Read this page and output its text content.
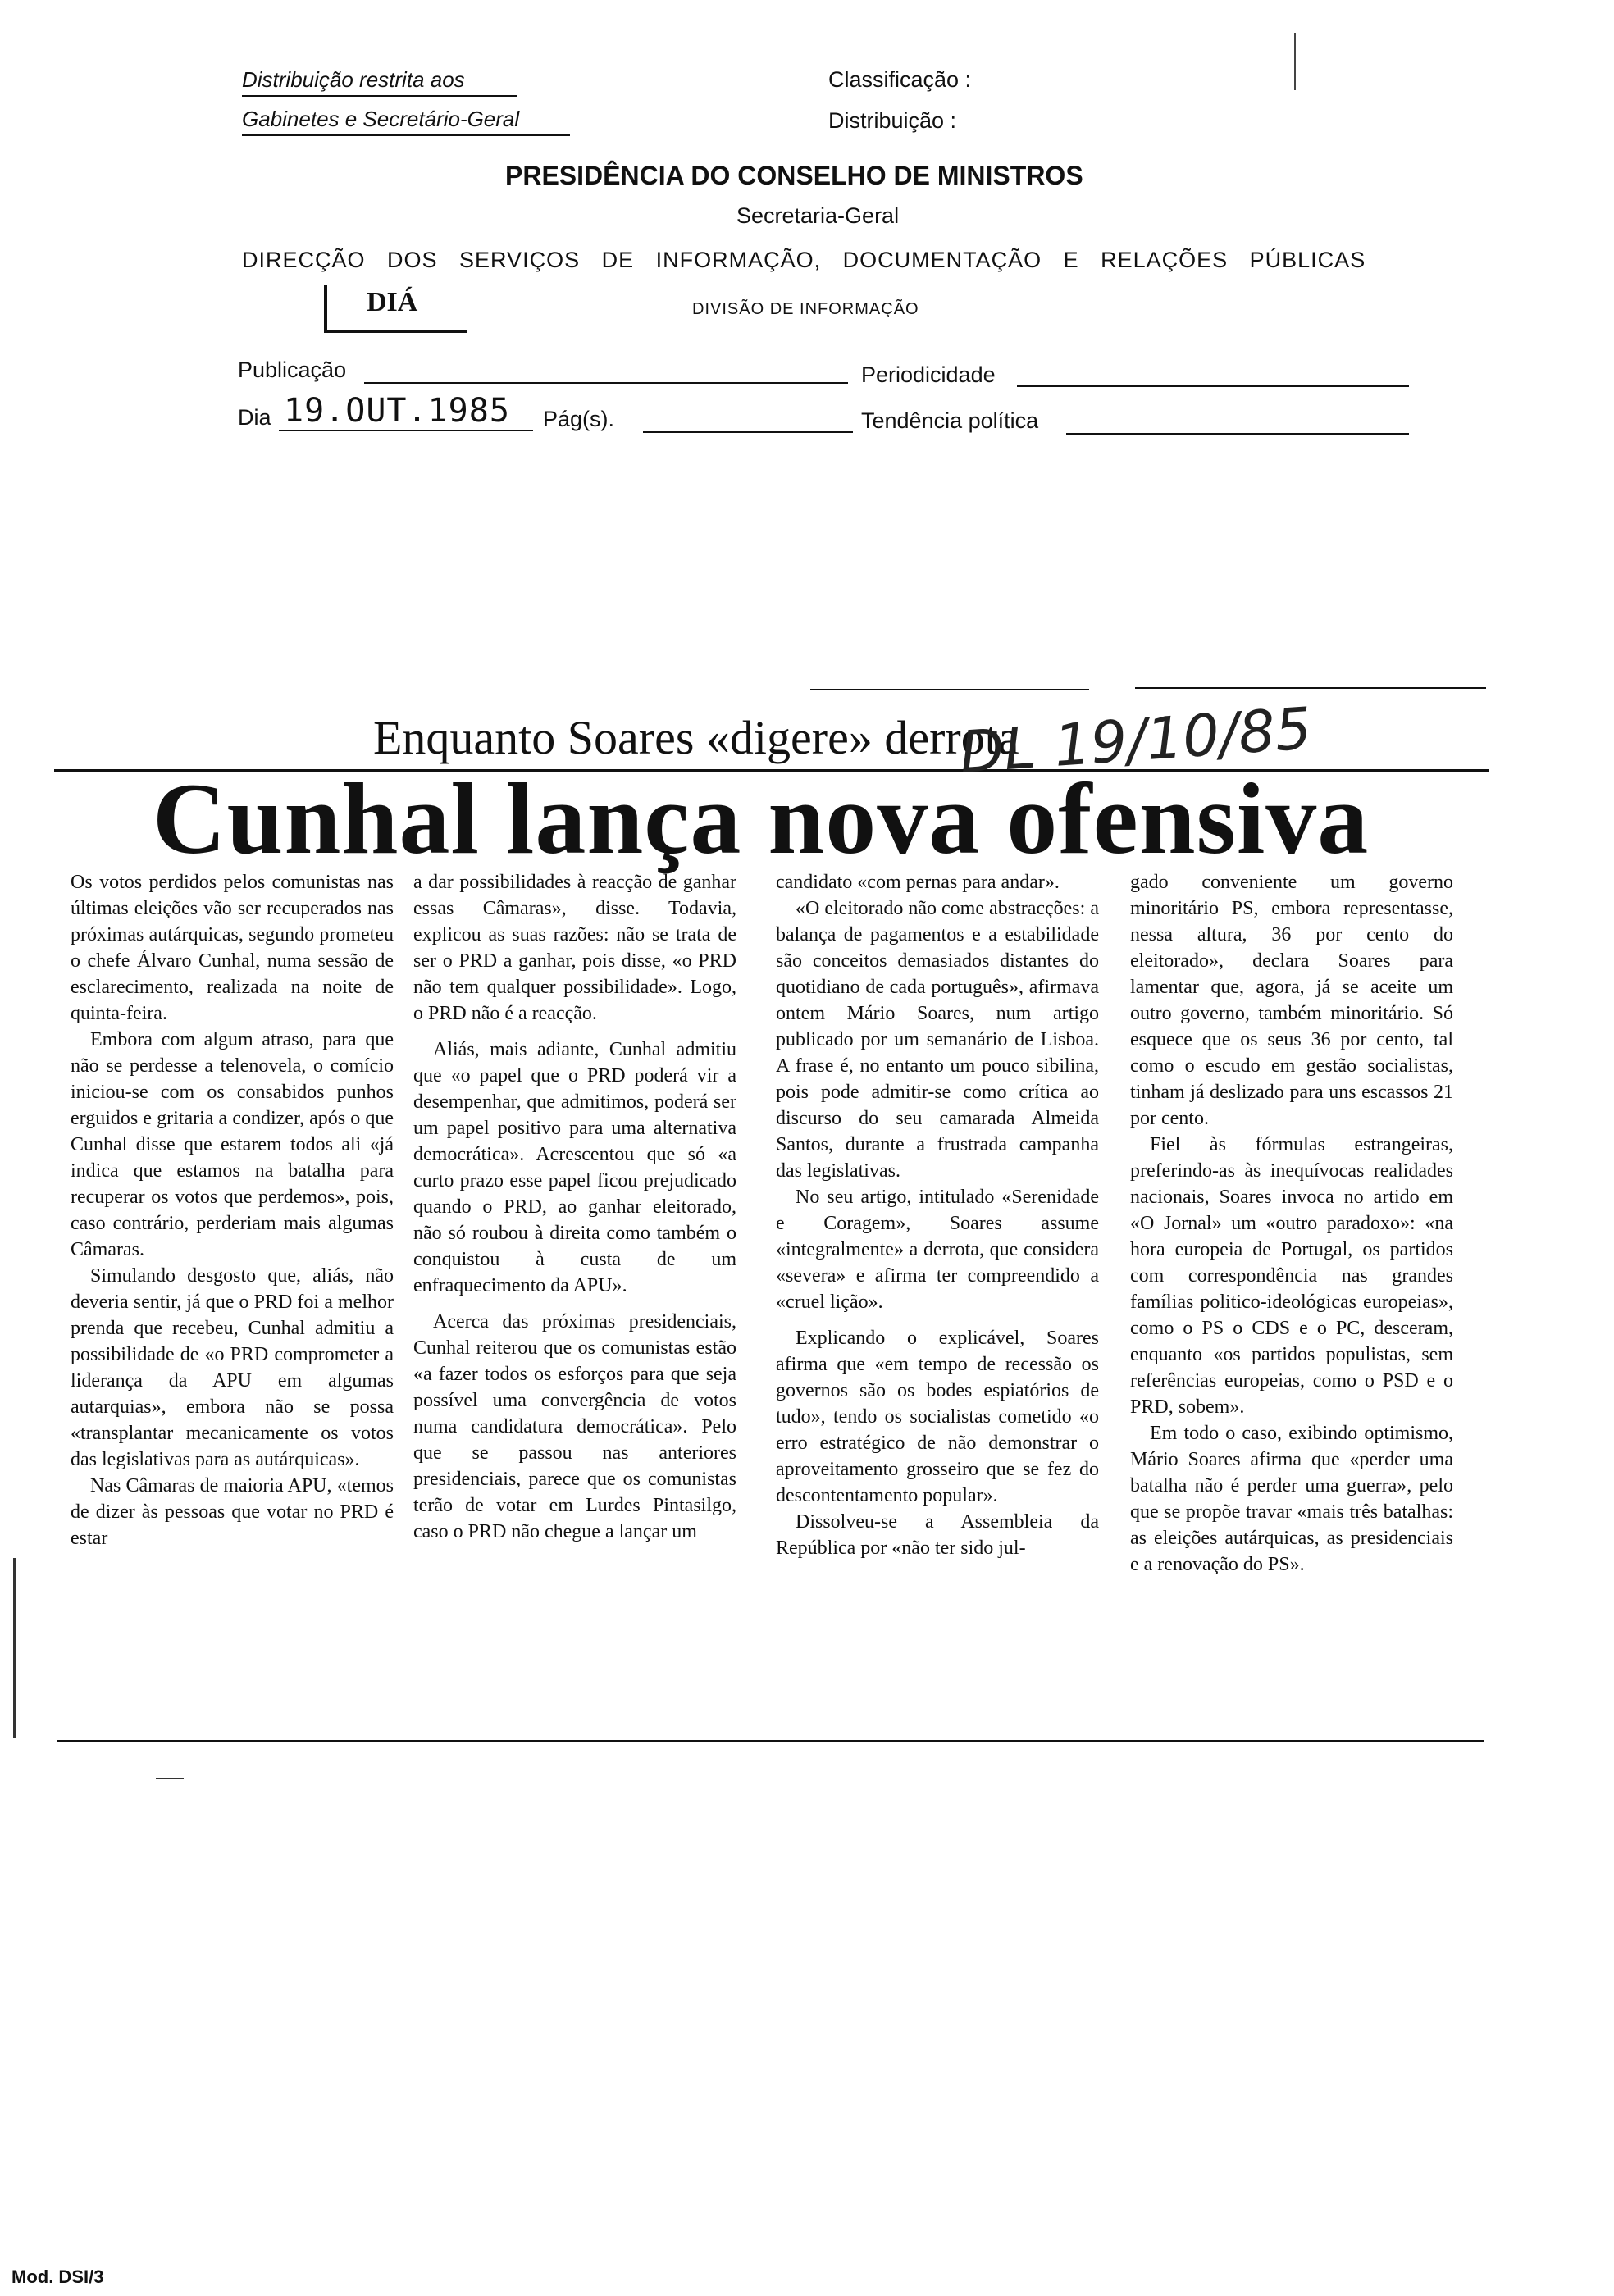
Distribuição restrita aos
Gabinetes e Secretário-Geral
Classificação :
Distribuição :
PRESIDÊNCIA DO CONSELHO DE MINISTROS
Secretaria-Geral
DIRECÇÃO DOS SERVIÇOS DE INFORMAÇÃO, DOCUMENTAÇÃO E RELAÇÕES PÚBLICAS
DIÁ	DIVISÃO DE INFORMAÇÃO
Publicação	Periodicidade
Dia 19.OUT.1985 Pág(s).	Tendência política
Enquanto Soares «digere» derrota
Cunhal lança nova ofensiva
DL 19/10/85

Os votos perdidos pelos comunistas nas últimas eleições vão ser recuperados nas próximas autárquicas, segundo prometeu o chefe Álvaro Cunhal, numa sessão de esclarecimento, realizada na noite de quinta-feira.

Embora com algum atraso, para que não se perdesse a telenovela, o comício iniciou-se com os consabidos punhos erguidos e gritaria a condizer, após o que Cunhal disse que estarem todos ali «já indica que estamos na batalha para recuperar os votos que perdemos», pois, caso contrário, perderiam mais algumas Câmaras.

Simulando desgosto que, aliás, não deveria sentir, já que o PRD foi a melhor prenda que recebeu, Cunhal admitiu a possibilidade de «o PRD comprometer a liderança da APU em algumas autarquias», embora não se possa «transplantar mecanicamente os votos das legislativas para as autárquicas».

Nas Câmaras de maioria APU, «temos de dizer às pessoas que votar no PRD é estar

a dar possibilidades à reacção de ganhar essas Câmaras», disse. Todavia, explicou as suas razões: não se trata de ser o PRD a ganhar, pois disse, «o PRD não tem qualquer possibilidade». Logo, o PRD não é a reacção.

Aliás, mais adiante, Cunhal admitiu que «o papel que o PRD poderá vir a desempenhar, que admitimos, poderá ser um papel positivo para uma alternativa democrática». Acrescentou que só «a curto prazo esse papel ficou prejudicado quando o PRD, ao ganhar eleitorado, não só roubou à direita como também o conquistou à custa de um enfraquecimento da APU».

Acerca das próximas presidenciais, Cunhal reiterou que os comunistas estão «a fazer todos os esforços para que seja possível uma convergência de votos numa candidatura democrática». Pelo que se passou nas anteriores presidenciais, parece que os comunistas terão de votar em Lurdes Pintasilgo, caso o PRD não chegue a lançar um

candidato «com pernas para andar».

«O eleitorado não come abstracções: a balança de pagamentos e a estabilidade são conceitos demasiados distantes do quotidiano de cada português», afirmava ontem Mário Soares, num artigo publicado por um semanário de Lisboa. A frase é, no entanto um pouco sibilina, pois pode admitir-se como crítica ao discurso do seu camarada Almeida Santos, durante a frustrada campanha das legislativas.

No seu artigo, intitulado «Serenidade e Coragem», Soares assume «integralmente» a derrota, que considera «severa» e afirma ter compreendido a «cruel lição».

Explicando o explicável, Soares afirma que «em tempo de recessão os governos são os bodes espiatórios de tudo», tendo os socialistas cometido «o erro estratégico de não demonstrar o aproveitamento grosseiro que se fez do descontentamento popular».

Dissolveu-se a Assembleia da República por «não ter sido jul-

gado conveniente um governo minoritário PS, embora representasse, nessa altura, 36 por cento do eleitorado», declara Soares para lamentar que, agora, já se aceite um outro governo, também minoritário. Só esquece que os seus 36 por cento, tal como o escudo em gestão socialistas, tinham já deslizado para uns escassos 21 por cento.

Fiel às fórmulas estrangeiras, preferindo-as às inequívocas realidades nacionais, Soares invoca no artido em «O Jornal» um «outro paradoxo»: «na hora europeia de Portugal, os partidos com correspondência nas grandes famílias politico-ideológicas europeias», como o PS o CDS e o PC, desceram, enquanto «os partidos populistas, sem referências europeias, como o PSD e o PRD, sobem».

Em todo o caso, exibindo optimismo, Mário Soares afirma que «perder uma batalha não é perder uma guerra», pelo que se propõe travar «mais três batalhas: as eleições autárquicas, as presidenciais e a renovação do PS».

Mod. DSI/3
